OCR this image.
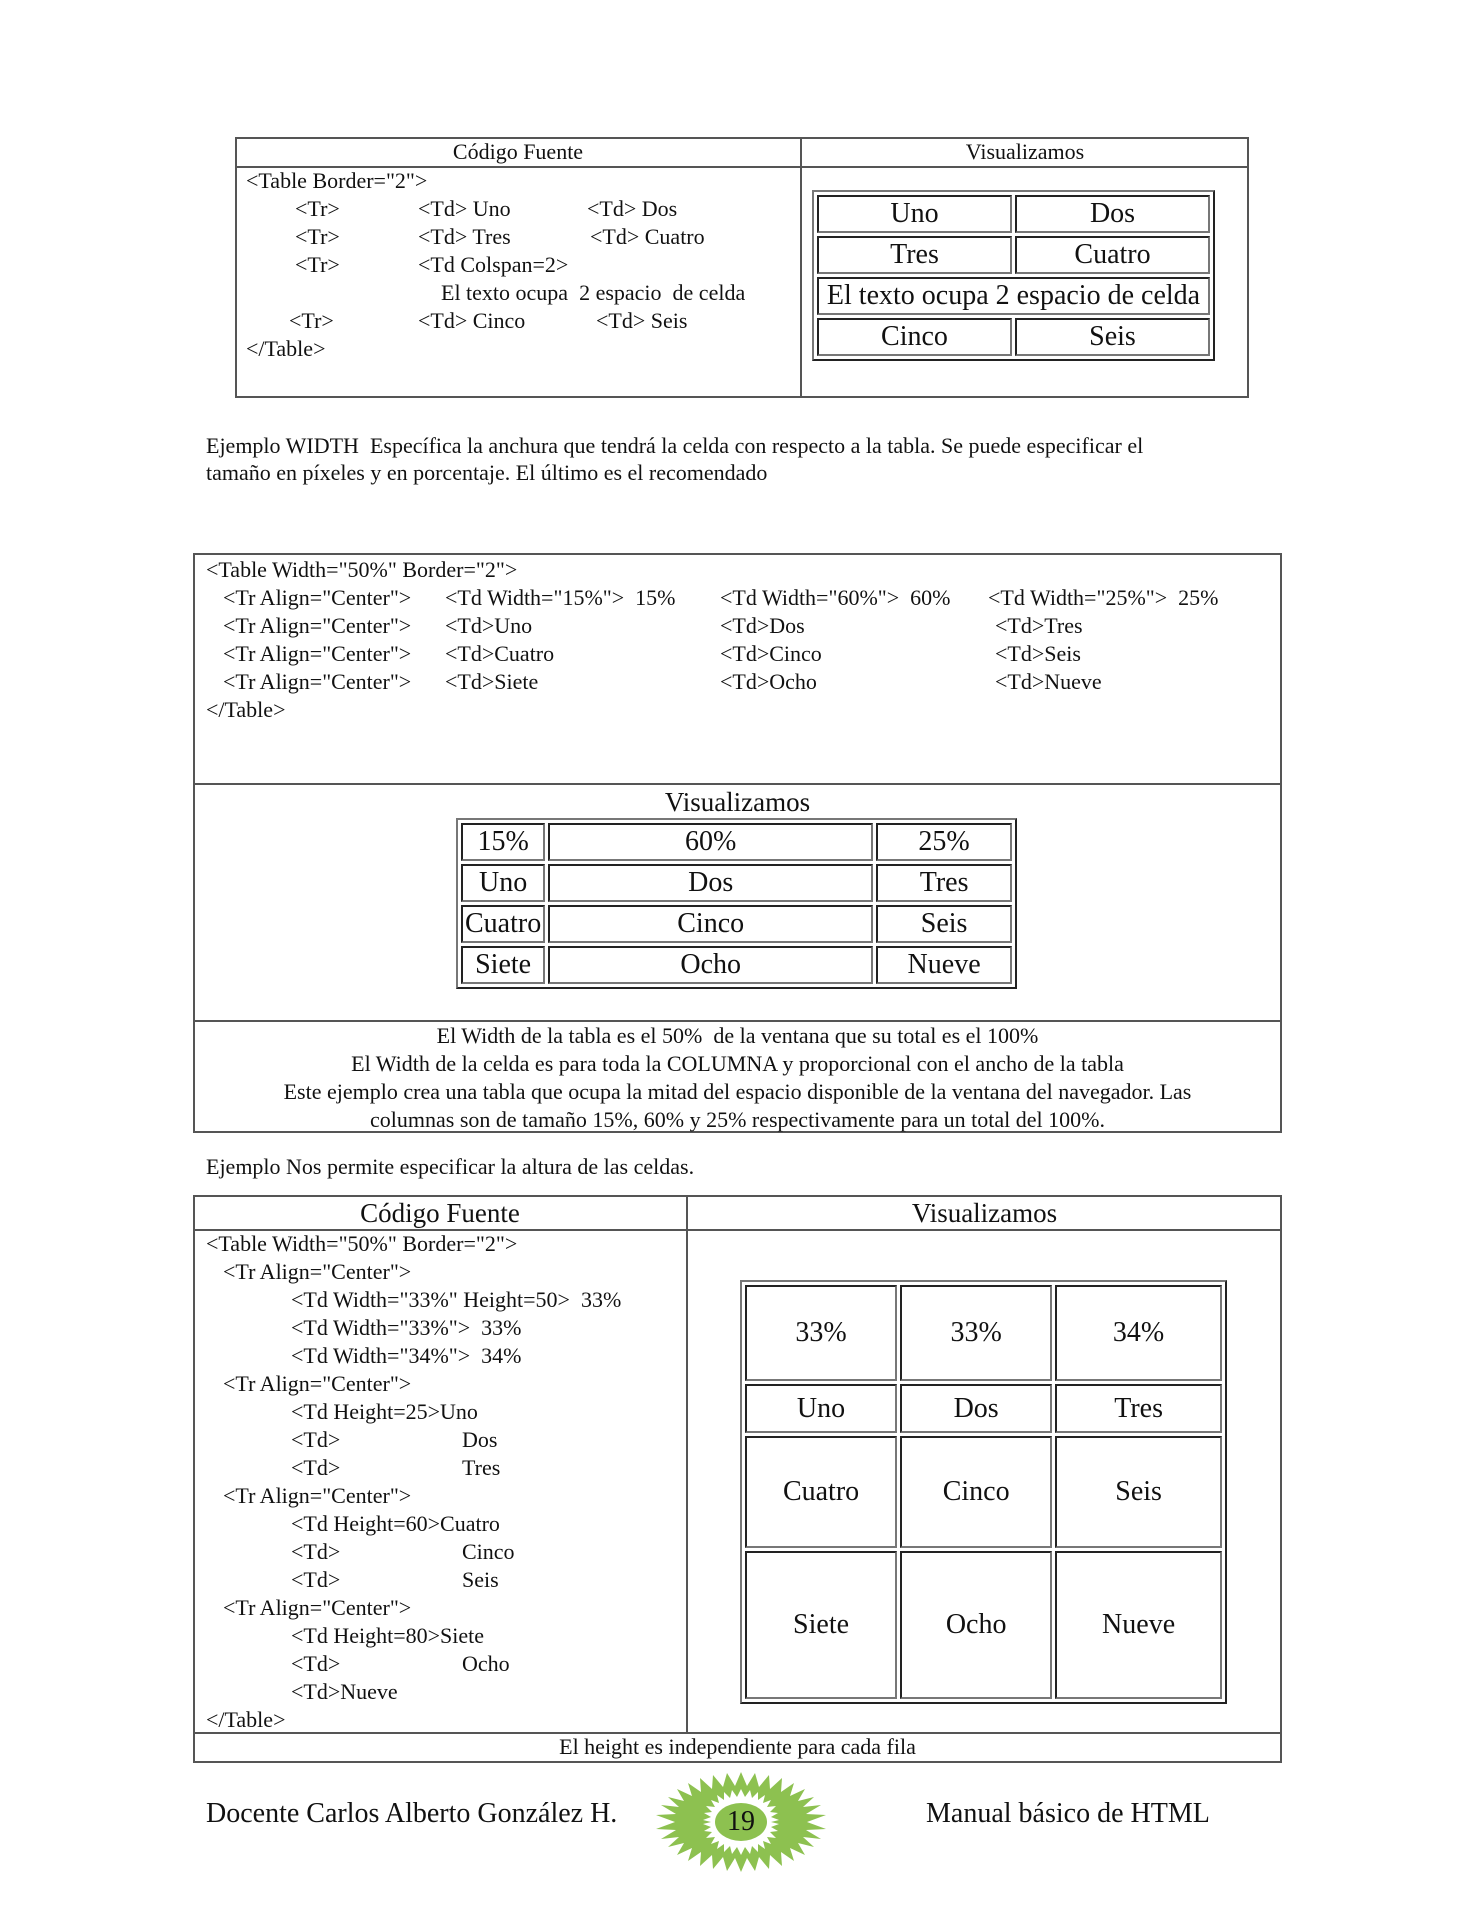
Código Fuente	Visualizamos
<Table Border="2">
<Tr>	<Td> Uno	<Td> Dos
<Tr>	<Td> Tres	<Td> Cuatro
<Tr>	<Td Colspan=2>
El texto ocupa  2 espacio  de celda
<Tr>	<Td> Cinco	<Td> Seis
</Table>
Uno	Dos
Tres	Cuatro
El texto ocupa 2 espacio de celda	
Cinco	Seis
Ejemplo WIDTH  Específica la anchura que tendrá la celda con respecto a la tabla. Se puede especificar el
tamaño en píxeles y en porcentaje. El último es el recomendado
<Table Width="50%" Border="2">
<Tr Align="Center"> <Td Width="15%">  15% <Td Width="60%">  60% <Td Width="25%">  25%
<Tr Align="Center"> <Td>Uno	<Td>Dos	<Td>Tres
<Tr Align="Center"> <Td>Cuatro	<Td>Cinco	<Td>Seis
<Tr Align="Center"> <Td>Siete	<Td>Ocho	<Td>Nueve
</Table>
Visualizamos
15%	60%	25%
Uno	Dos	Tres
Cuatro	Cinco	Seis
Siete	Ocho	Nueve
El Width de la tabla es el 50%  de la ventana que su total es el 100%
El Width de la celda es para toda la COLUMNA y proporcional con el ancho de la tabla
Este ejemplo crea una tabla que ocupa la mitad del espacio disponible de la ventana del navegador. Las
columnas son de tamaño 15%, 60% y 25% respectivamente para un total del 100%.
Ejemplo Nos permite especificar la altura de las celdas.
Código Fuente	Visualizamos
<Table Width="50%" Border="2">
<Tr Align="Center">
<Td Width="33%" Height=50>  33%
<Td Width="33%">  33%
<Td Width="34%">  34%
<Tr Align="Center">
<Td Height=25>Uno
<Td>	Dos
<Td>	Tres
<Tr Align="Center">
<Td Height=60>Cuatro
<Td>	Cinco
<Td>	Seis
<Tr Align="Center">
<Td Height=80>Siete
<Td>	Ocho
<Td>Nueve
</Table>
33%	33%	34%
Uno	Dos	Tres
Cuatro	Cinco	Seis
Siete	Ocho	Nueve
El height es independiente para cada fila
Docente Carlos Alberto González H.	19	Manual básico de HTML
